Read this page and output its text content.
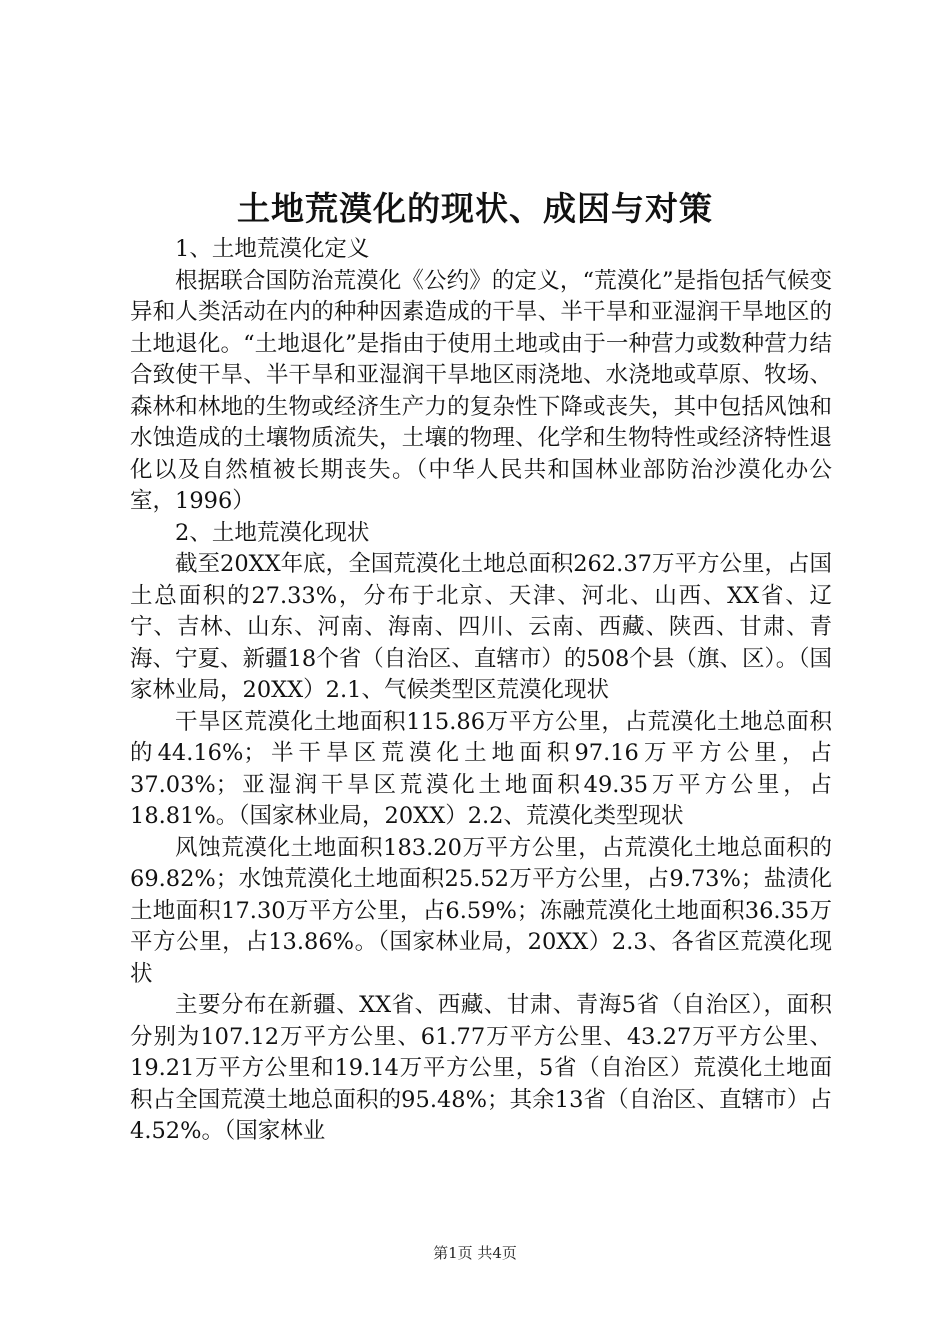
土地荒漠化的现状、成因与对策

1、土地荒漠化定义

根据联合国防治荒漠化《公约》的定义，“荒漠化”是指包括气候变异和人类活动在内的种种因素造成的干旱、半干旱和亚湿润干旱地区的土地退化。“土地退化”是指由于使用土地或由于一种营力或数种营力结合致使干旱、半干旱和亚湿润干旱地区雨浇地、水浇地或草原、牧场、森林和林地的生物或经济生产力的复杂性下降或丧失，其中包括风蚀和水蚀造成的土壤物质流失，土壤的物理、化学和生物特性或经济特性退化以及自然植被长期丧失。（中华人民共和国林业部防治沙漠化办公室，1996）

2、土地荒漠化现状

截至20XX年底，全国荒漠化土地总面积262.37万平方公里，占国土总面积的27.33%，分布于北京、天津、河北、山西、XX省、辽宁、吉林、山东、河南、海南、四川、云南、西藏、陕西、甘肃、青海、宁夏、新疆18个省（自治区、直辖市）的508个县（旗、区）。（国家林业局，20XX）2.1、气候类型区荒漠化现状

干旱区荒漠化土地面积115.86万平方公里，占荒漠化土地总面积的44.16%；半干旱区荒漠化土地面积97.16万平方公里，占37.03%；亚湿润干旱区荒漠化土地面积49.35万平方公里，占18.81%。（国家林业局，20XX）2.2、荒漠化类型现状

风蚀荒漠化土地面积183.20万平方公里，占荒漠化土地总面积的69.82%；水蚀荒漠化土地面积25.52万平方公里，占9.73%；盐渍化土地面积17.30万平方公里，占6.59%；冻融荒漠化土地面积36.35万平方公里，占13.86%。（国家林业局，20XX）2.3、各省区荒漠化现状

主要分布在新疆、XX省、西藏、甘肃、青海5省（自治区），面积分别为107.12万平方公里、61.77万平方公里、43.27万平方公里、19.21万平方公里和19.14万平方公里，5省（自治区）荒漠化土地面积占全国荒漠土地总面积的95.48%；其余13省（自治区、直辖市）占4.52%。（国家林业

第1页 共4页
